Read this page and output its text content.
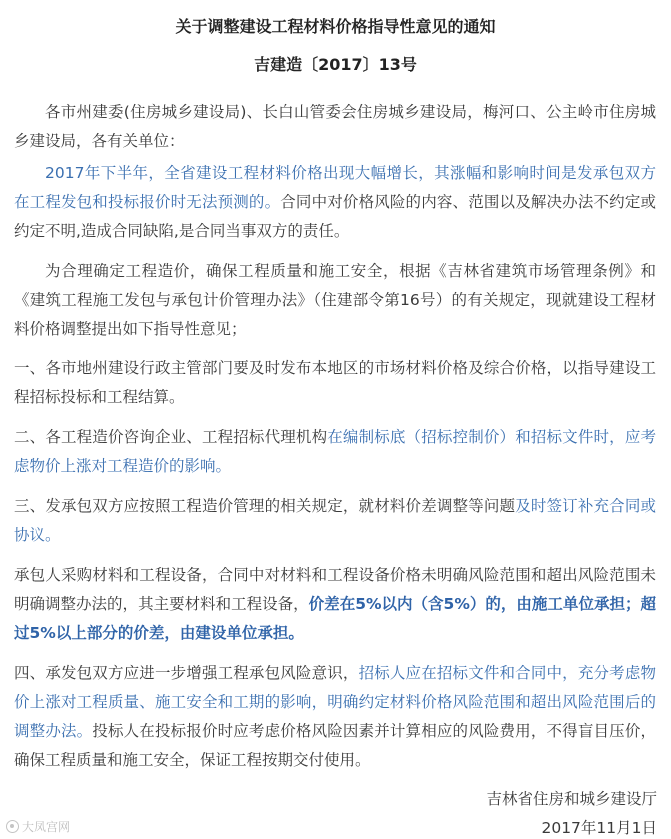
关于调整建设工程材料价格指导性意见的通知
吉建造〔2017〕13号

各市州建委(住房城乡建设局)、长白山管委会住房城乡建设局，梅河口、公主岭市住房城乡建设局，各有关单位：

2017年下半年，全省建设工程材料价格出现大幅增长，其涨幅和影响时间是发承包双方在工程发包和投标报价时无法预测的。合同中对价格风险的内容、范围以及解决办法不约定或约定不明,造成合同缺陷,是合同当事双方的责任。

为合理确定工程造价，确保工程质量和施工安全，根据《吉林省建筑市场管理条例》和《建筑工程施工发包与承包计价管理办法》（住建部令第16号）的有关规定，现就建设工程材料价格调整提出如下指导性意见；

一、各市地州建设行政主管部门要及时发布本地区的市场材料价格及综合价格，以指导建设工程招标投标和工程结算。

二、各工程造价咨询企业、工程招标代理机构在编制标底（招标控制价）和招标文件时，应考虑物价上涨对工程造价的影响。

三、发承包双方应按照工程造价管理的相关规定，就材料价差调整等问题及时签订补充合同或协议。

承包人采购材料和工程设备，合同中对材料和工程设备价格未明确风险范围和超出风险范围未明确调整办法的，其主要材料和工程设备，价差在5%以内（含5%）的，由施工单位承担；超过5%以上部分的价差，由建设单位承担。

四、承发包双方应进一步增强工程承包风险意识，招标人应在招标文件和合同中，充分考虑物价上涨对工程质量、施工安全和工期的影响，明确约定材料价格风险范围和超出风险范围后的调整办法。投标人在投标报价时应考虑价格风险因素并计算相应的风险费用，不得盲目压价，确保工程质量和施工安全，保证工程按期交付使用。

吉林省住房和城乡建设厅
2017年11月1日
大凤宫网
